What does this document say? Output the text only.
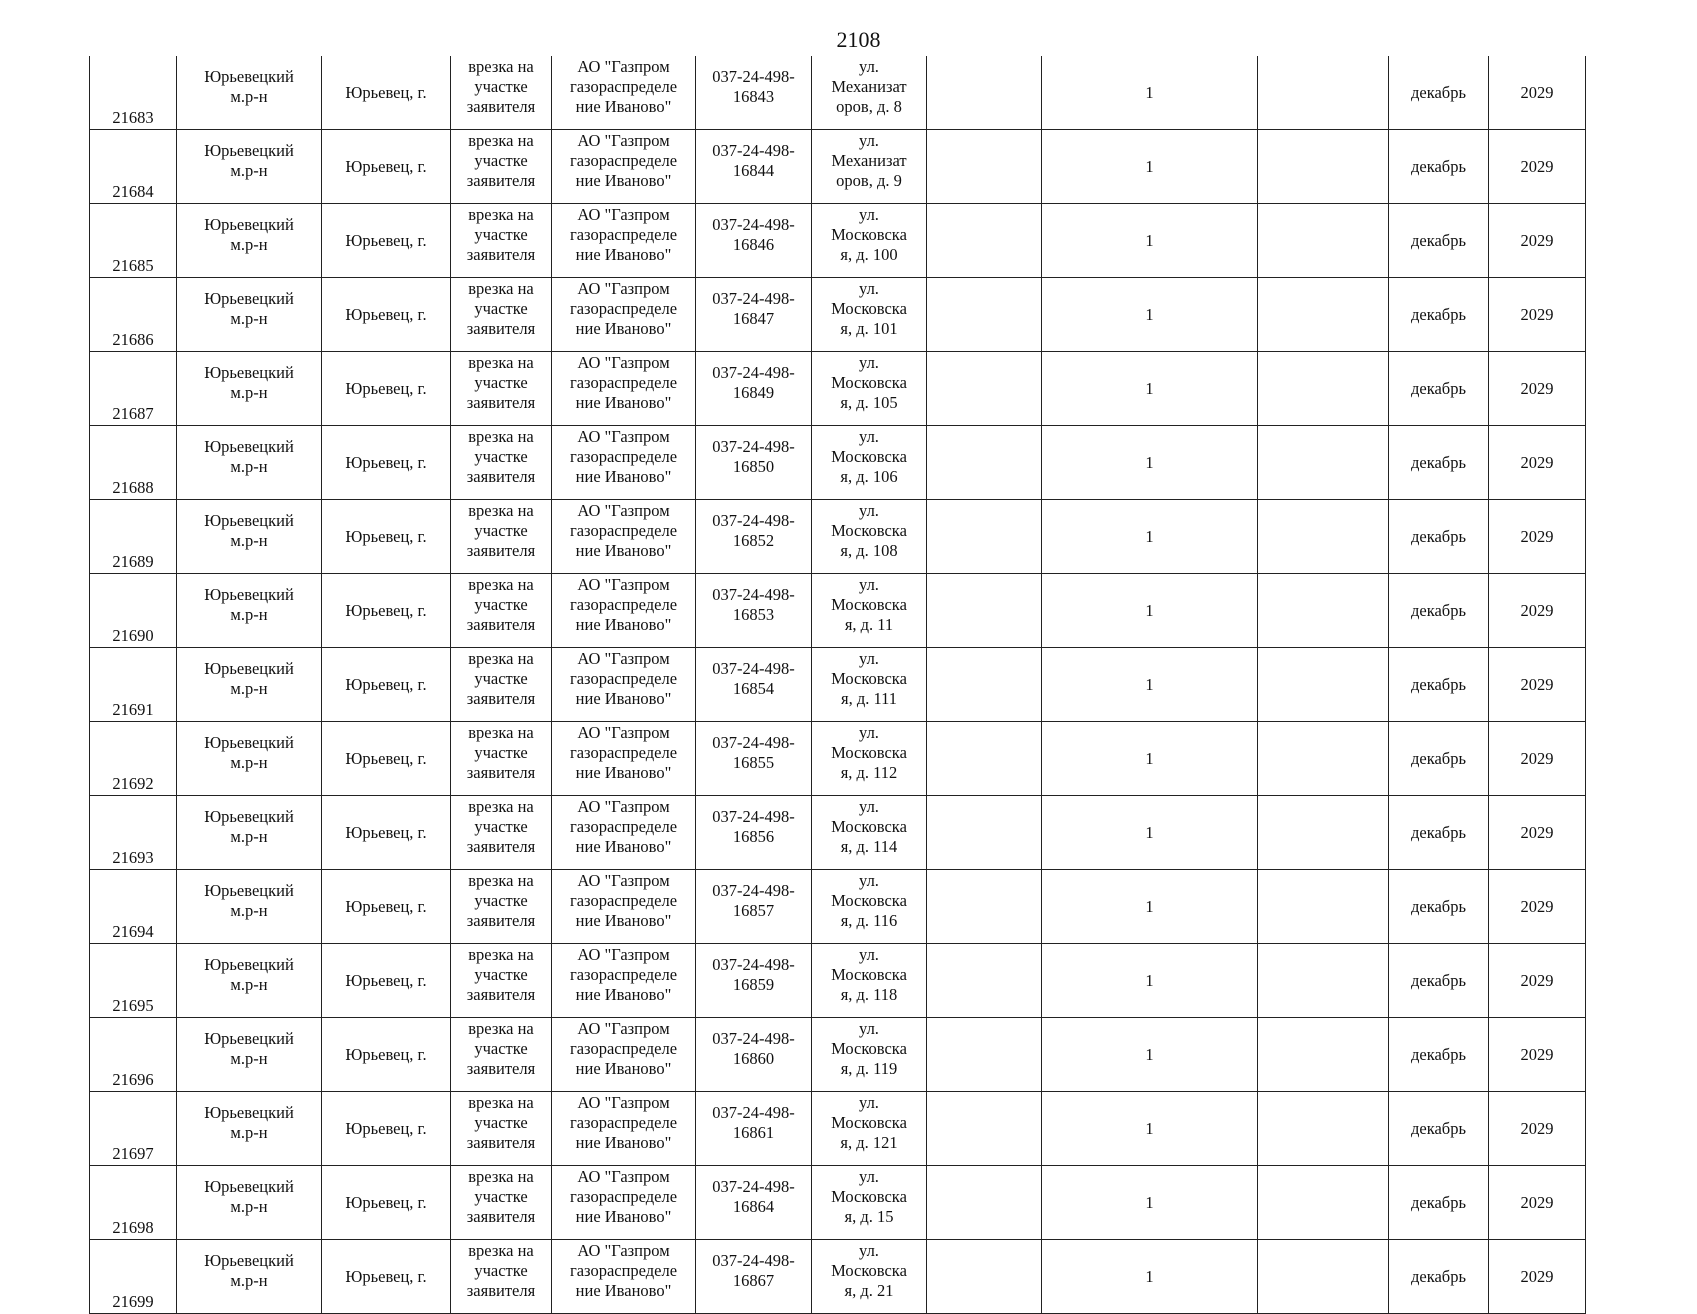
2108
21683	Юрьевецкий
м.р-н	Юрьевец, г.	врезка на
участке
заявителя	АО "Газпром
газораспределе
ние Иваново"	037-24-498-
16843	ул.
Механизат
оров, д. 8		1		декабрь	2029
21684	Юрьевецкий
м.р-н	Юрьевец, г.	врезка на
участке
заявителя	АО "Газпром
газораспределе
ние Иваново"	037-24-498-
16844	ул.
Механизат
оров, д. 9		1		декабрь	2029
21685	Юрьевецкий
м.р-н	Юрьевец, г.	врезка на
участке
заявителя	АО "Газпром
газораспределе
ние Иваново"	037-24-498-
16846	ул.
Московска
я, д. 100		1		декабрь	2029
21686	Юрьевецкий
м.р-н	Юрьевец, г.	врезка на
участке
заявителя	АО "Газпром
газораспределе
ние Иваново"	037-24-498-
16847	ул.
Московска
я, д. 101		1		декабрь	2029
21687	Юрьевецкий
м.р-н	Юрьевец, г.	врезка на
участке
заявителя	АО "Газпром
газораспределе
ние Иваново"	037-24-498-
16849	ул.
Московска
я, д. 105		1		декабрь	2029
21688	Юрьевецкий
м.р-н	Юрьевец, г.	врезка на
участке
заявителя	АО "Газпром
газораспределе
ние Иваново"	037-24-498-
16850	ул.
Московска
я, д. 106		1		декабрь	2029
21689	Юрьевецкий
м.р-н	Юрьевец, г.	врезка на
участке
заявителя	АО "Газпром
газораспределе
ние Иваново"	037-24-498-
16852	ул.
Московска
я, д. 108		1		декабрь	2029
21690	Юрьевецкий
м.р-н	Юрьевец, г.	врезка на
участке
заявителя	АО "Газпром
газораспределе
ние Иваново"	037-24-498-
16853	ул.
Московска
я, д. 11		1		декабрь	2029
21691	Юрьевецкий
м.р-н	Юрьевец, г.	врезка на
участке
заявителя	АО "Газпром
газораспределе
ние Иваново"	037-24-498-
16854	ул.
Московска
я, д. 111		1		декабрь	2029
21692	Юрьевецкий
м.р-н	Юрьевец, г.	врезка на
участке
заявителя	АО "Газпром
газораспределе
ние Иваново"	037-24-498-
16855	ул.
Московска
я, д. 112		1		декабрь	2029
21693	Юрьевецкий
м.р-н	Юрьевец, г.	врезка на
участке
заявителя	АО "Газпром
газораспределе
ние Иваново"	037-24-498-
16856	ул.
Московска
я, д. 114		1		декабрь	2029
21694	Юрьевецкий
м.р-н	Юрьевец, г.	врезка на
участке
заявителя	АО "Газпром
газораспределе
ние Иваново"	037-24-498-
16857	ул.
Московска
я, д. 116		1		декабрь	2029
21695	Юрьевецкий
м.р-н	Юрьевец, г.	врезка на
участке
заявителя	АО "Газпром
газораспределе
ние Иваново"	037-24-498-
16859	ул.
Московска
я, д. 118		1		декабрь	2029
21696	Юрьевецкий
м.р-н	Юрьевец, г.	врезка на
участке
заявителя	АО "Газпром
газораспределе
ние Иваново"	037-24-498-
16860	ул.
Московска
я, д. 119		1		декабрь	2029
21697	Юрьевецкий
м.р-н	Юрьевец, г.	врезка на
участке
заявителя	АО "Газпром
газораспределе
ние Иваново"	037-24-498-
16861	ул.
Московска
я, д. 121		1		декабрь	2029
21698	Юрьевецкий
м.р-н	Юрьевец, г.	врезка на
участке
заявителя	АО "Газпром
газораспределе
ние Иваново"	037-24-498-
16864	ул.
Московска
я, д. 15		1		декабрь	2029
21699	Юрьевецкий
м.р-н	Юрьевец, г.	врезка на
участке
заявителя	АО "Газпром
газораспределе
ние Иваново"	037-24-498-
16867	ул.
Московска
я, д. 21		1		декабрь	2029
